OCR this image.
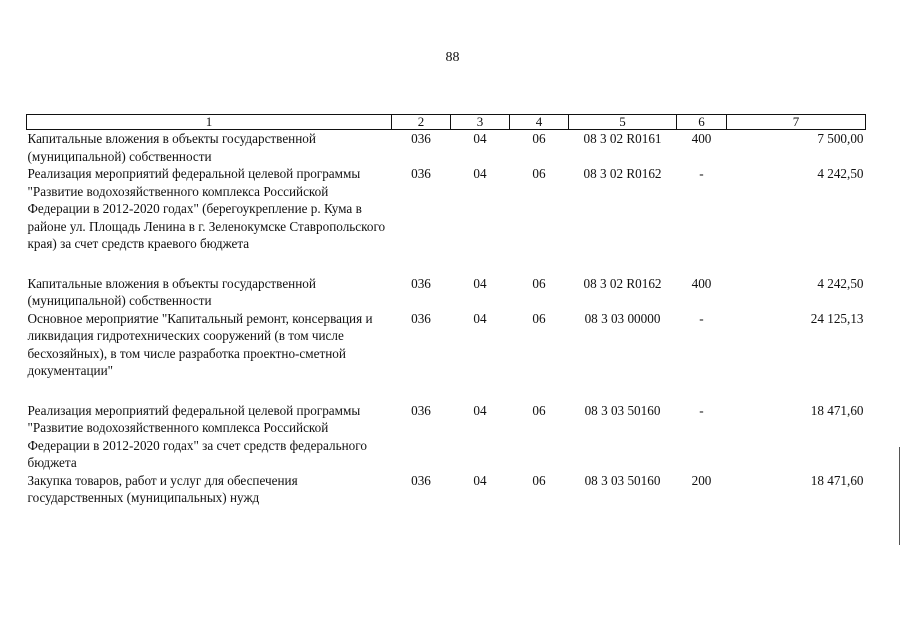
88
1	2	3	4	5	6	7
Капитальные вложения в объекты государственной (муниципальной) собственности	036	04	06	08 3 02 R0161	400	7 500,00
Реализация мероприятий федеральной целевой программы "Развитие водохозяйственного комплекса Российской Федерации в 2012-2020 годах" (берегоукрепление р. Кума в районе ул. Площадь Ленина в г. Зеленокумске Ставропольского края) за счет средств краевого бюджета	036	04	06	08 3 02 R0162	-	4 242,50

Капитальные вложения в объекты государственной (муниципальной) собственности	036	04	06	08 3 02 R0162	400	4 242,50
Основное мероприятие "Капитальный ремонт, консервация и ликвидация гидротехнических сооружений (в том числе бесхозяйных), в том числе разработка проектно-сметной документации"	036	04	06	08 3 03 00000	-	24 125,13

Реализация мероприятий федеральной целевой программы "Развитие водохозяйственного комплекса Российской Федерации в 2012-2020 годах" за счет средств федерального бюджета	036	04	06	08 3 03 50160	-	18 471,60
Закупка товаров, работ и услуг для обеспечения государственных (муниципальных) нужд	036	04	06	08 3 03 50160	200	18 471,60
